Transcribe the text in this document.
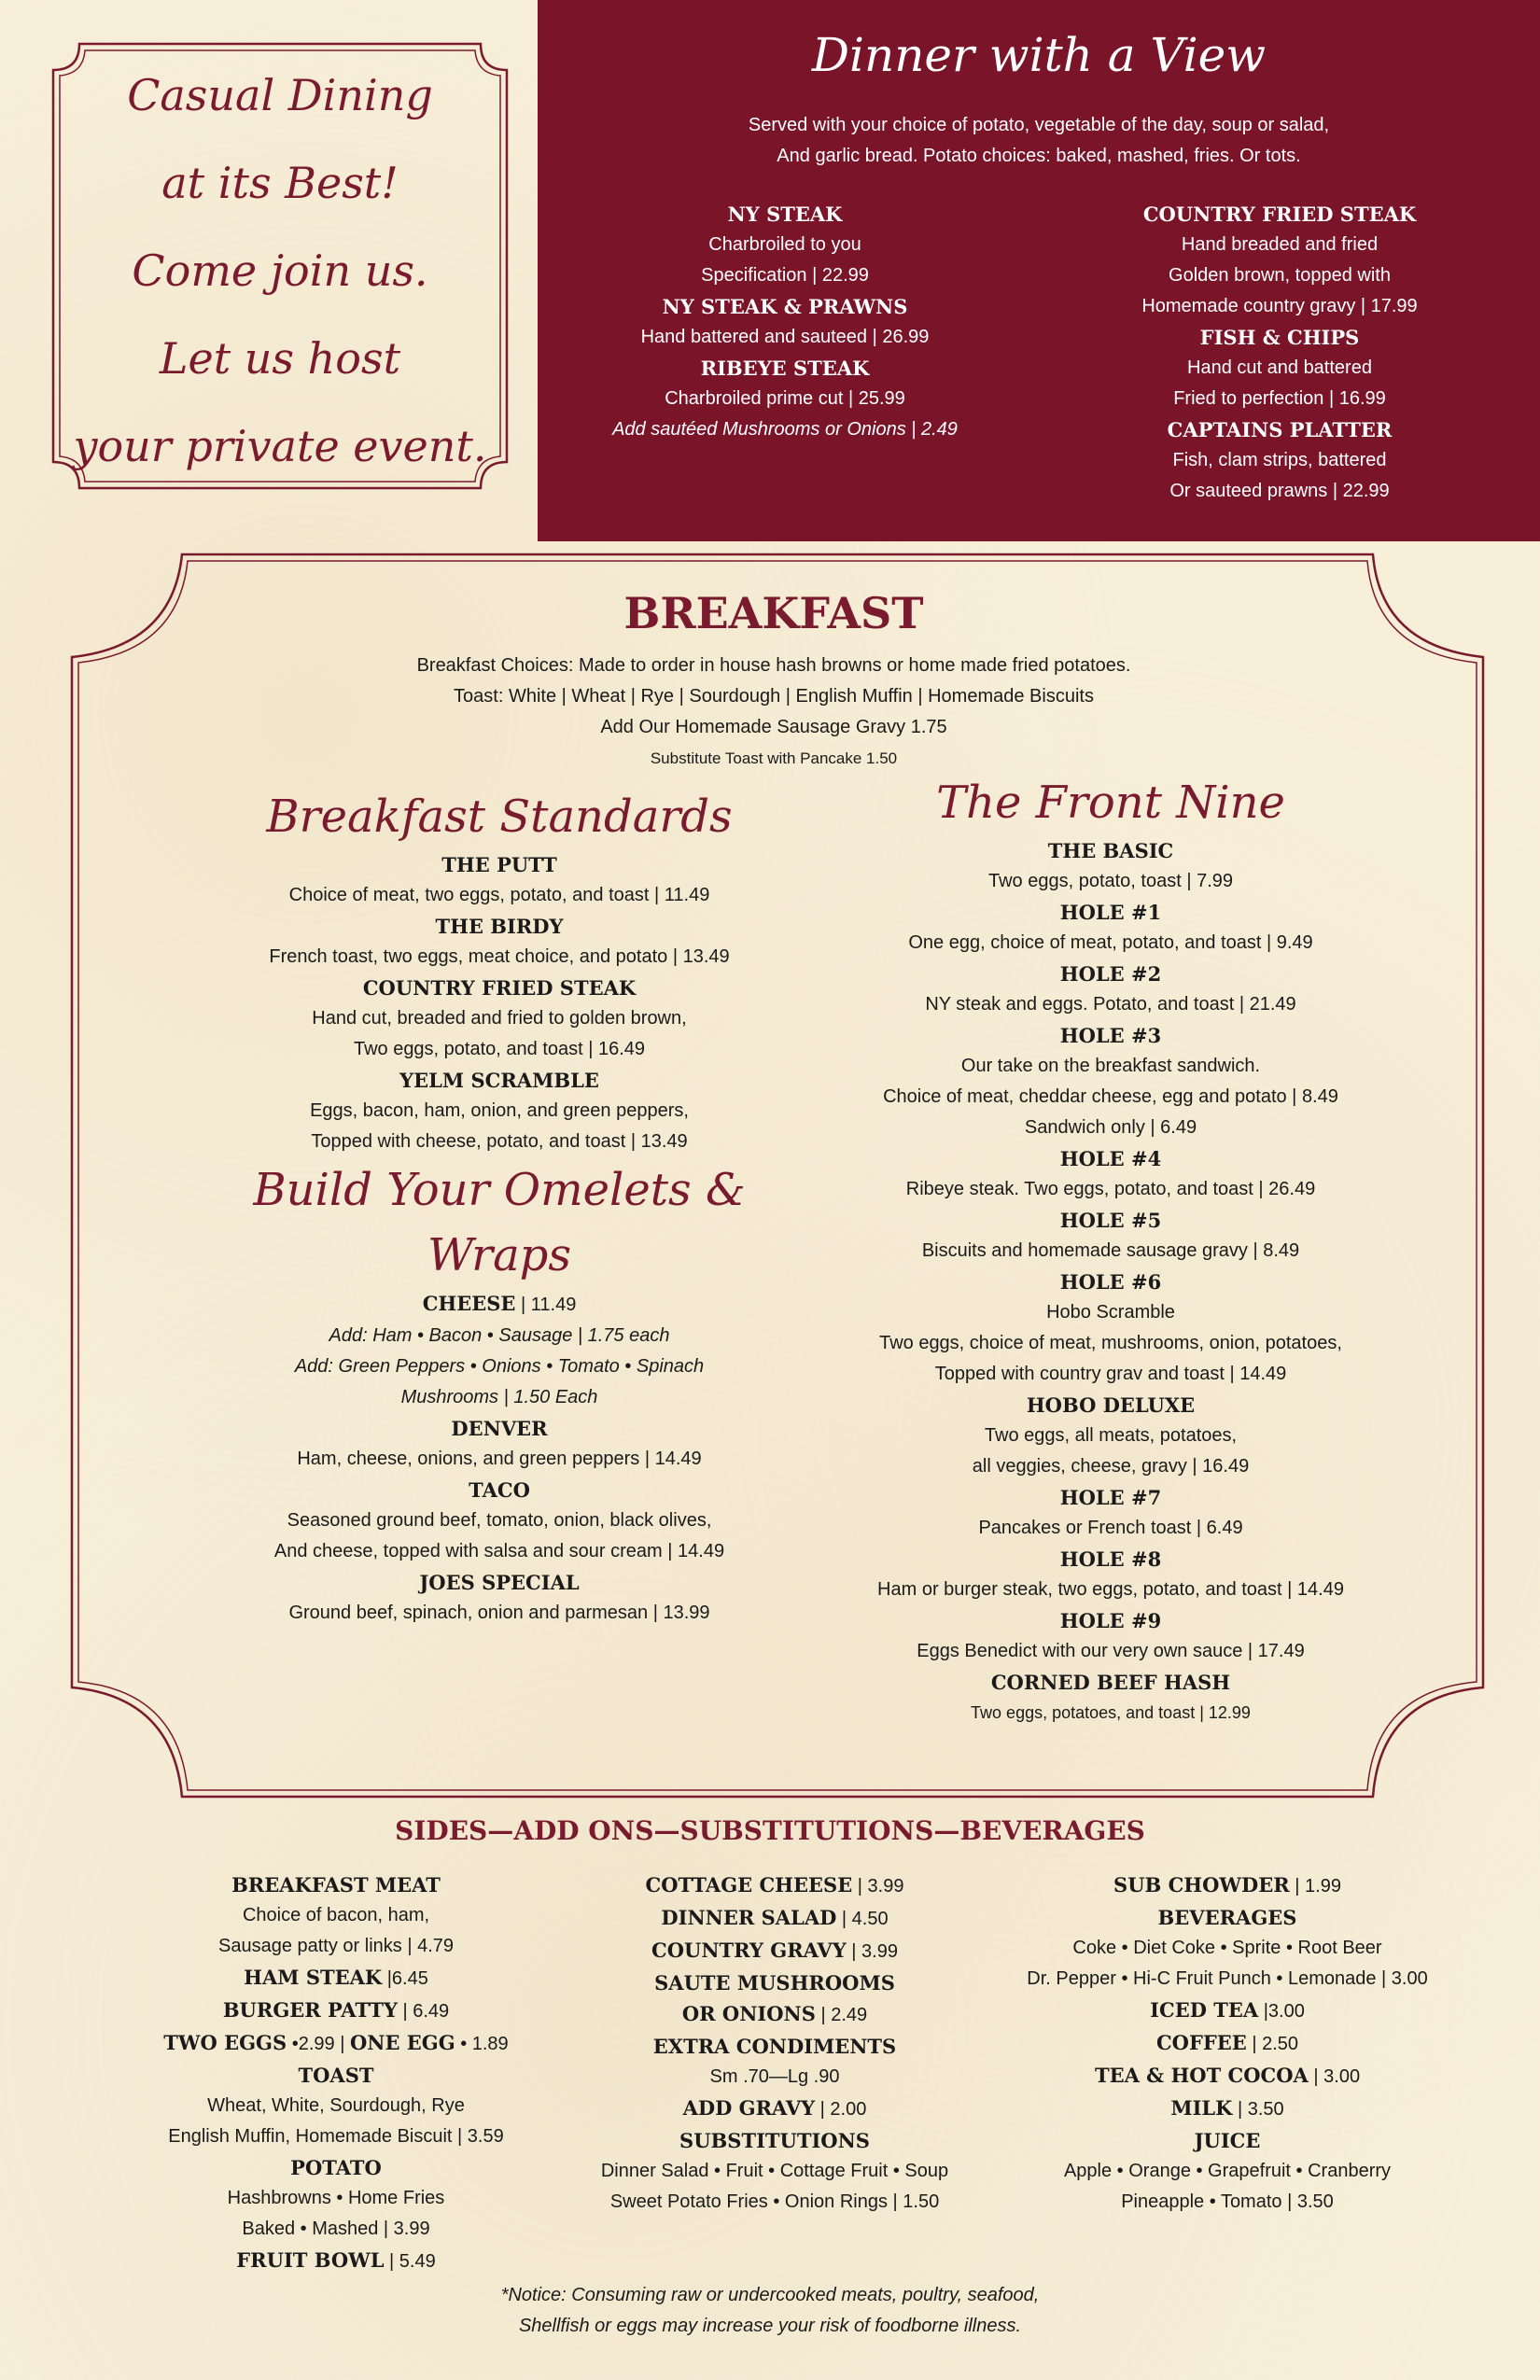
Casual Dining
at its Best!
Come join us.
Let us host
your private event.
Dinner with a View
Served with your choice of potato, vegetable of the day, soup or salad,
And garlic bread. Potato choices: baked, mashed, fries. Or tots.
NY STEAK
Charbroiled to you
Specification | 22.99
NY STEAK & PRAWNS
Hand battered and sauteed | 26.99
RIBEYE STEAK
Charbroiled prime cut | 25.99
Add sautéed Mushrooms or Onions | 2.49
COUNTRY FRIED STEAK
Hand breaded and fried
Golden brown, topped with
Homemade country gravy | 17.99
FISH & CHIPS
Hand cut and battered
Fried to perfection | 16.99
CAPTAINS PLATTER
Fish, clam strips, battered
Or sauteed prawns | 22.99
BREAKFAST
Breakfast Choices: Made to order in house hash browns or home made fried potatoes.
Toast: White | Wheat | Rye | Sourdough | English Muffin | Homemade Biscuits
Add Our Homemade Sausage Gravy 1.75
Substitute Toast with Pancake 1.50
Breakfast Standards
THE PUTT
Choice of meat, two eggs, potato, and toast | 11.49
THE BIRDY
French toast, two eggs, meat choice, and potato | 13.49
COUNTRY FRIED STEAK
Hand cut, breaded and fried to golden brown,
Two eggs, potato, and toast | 16.49
YELM SCRAMBLE
Eggs, bacon, ham, onion, and green peppers,
Topped with cheese, potato, and toast | 13.49
Build Your Omelets &
Wraps
CHEESE | 11.49
Add: Ham • Bacon • Sausage | 1.75 each
Add: Green Peppers • Onions • Tomato • Spinach
Mushrooms | 1.50 Each
DENVER
Ham, cheese, onions, and green peppers | 14.49
TACO
Seasoned ground beef, tomato, onion, black olives,
And cheese, topped with salsa and sour cream | 14.49
JOES SPECIAL
Ground beef, spinach, onion and parmesan | 13.99
The Front Nine
THE BASIC
Two eggs, potato, toast | 7.99
HOLE #1
One egg, choice of meat, potato, and toast | 9.49
HOLE #2
NY steak and eggs. Potato, and toast | 21.49
HOLE #3
Our take on the breakfast sandwich.
Choice of meat, cheddar cheese, egg and potato | 8.49
Sandwich only | 6.49
HOLE #4
Ribeye steak. Two eggs, potato, and toast | 26.49
HOLE #5
Biscuits and homemade sausage gravy | 8.49
HOLE #6
Hobo Scramble
Two eggs, choice of meat, mushrooms, onion, potatoes,
Topped with country grav and toast | 14.49
HOBO DELUXE
Two eggs, all meats, potatoes,
all veggies, cheese, gravy | 16.49
HOLE #7
Pancakes or French toast | 6.49
HOLE #8
Ham or burger steak, two eggs, potato, and toast | 14.49
HOLE #9
Eggs Benedict with our very own sauce | 17.49
CORNED BEEF HASH
Two eggs, potatoes, and toast | 12.99
SIDES—ADD ONS—SUBSTITUTIONS—BEVERAGES
BREAKFAST MEAT
Choice of bacon, ham,
Sausage patty or links | 4.79
HAM STEAK |6.45
BURGER PATTY | 6.49
TWO EGGS •2.99 | ONE EGG • 1.89
TOAST
Wheat, White, Sourdough, Rye
English Muffin, Homemade Biscuit | 3.59
POTATO
Hashbrowns • Home Fries
Baked • Mashed | 3.99
FRUIT BOWL | 5.49
COTTAGE CHEESE | 3.99
DINNER SALAD | 4.50
COUNTRY GRAVY | 3.99
SAUTE MUSHROOMS
OR ONIONS | 2.49
EXTRA CONDIMENTS
Sm .70—Lg .90
ADD GRAVY | 2.00
SUBSTITUTIONS
Dinner Salad • Fruit • Cottage Fruit • Soup
Sweet Potato Fries • Onion Rings | 1.50
SUB CHOWDER | 1.99
BEVERAGES
Coke • Diet Coke • Sprite • Root Beer
Dr. Pepper • Hi-C Fruit Punch • Lemonade | 3.00
ICED TEA |3.00
COFFEE | 2.50
TEA & HOT COCOA | 3.00
MILK | 3.50
JUICE
Apple • Orange • Grapefruit • Cranberry
Pineapple • Tomato | 3.50
*Notice: Consuming raw or undercooked meats, poultry, seafood,
Shellfish or eggs may increase your risk of foodborne illness.
